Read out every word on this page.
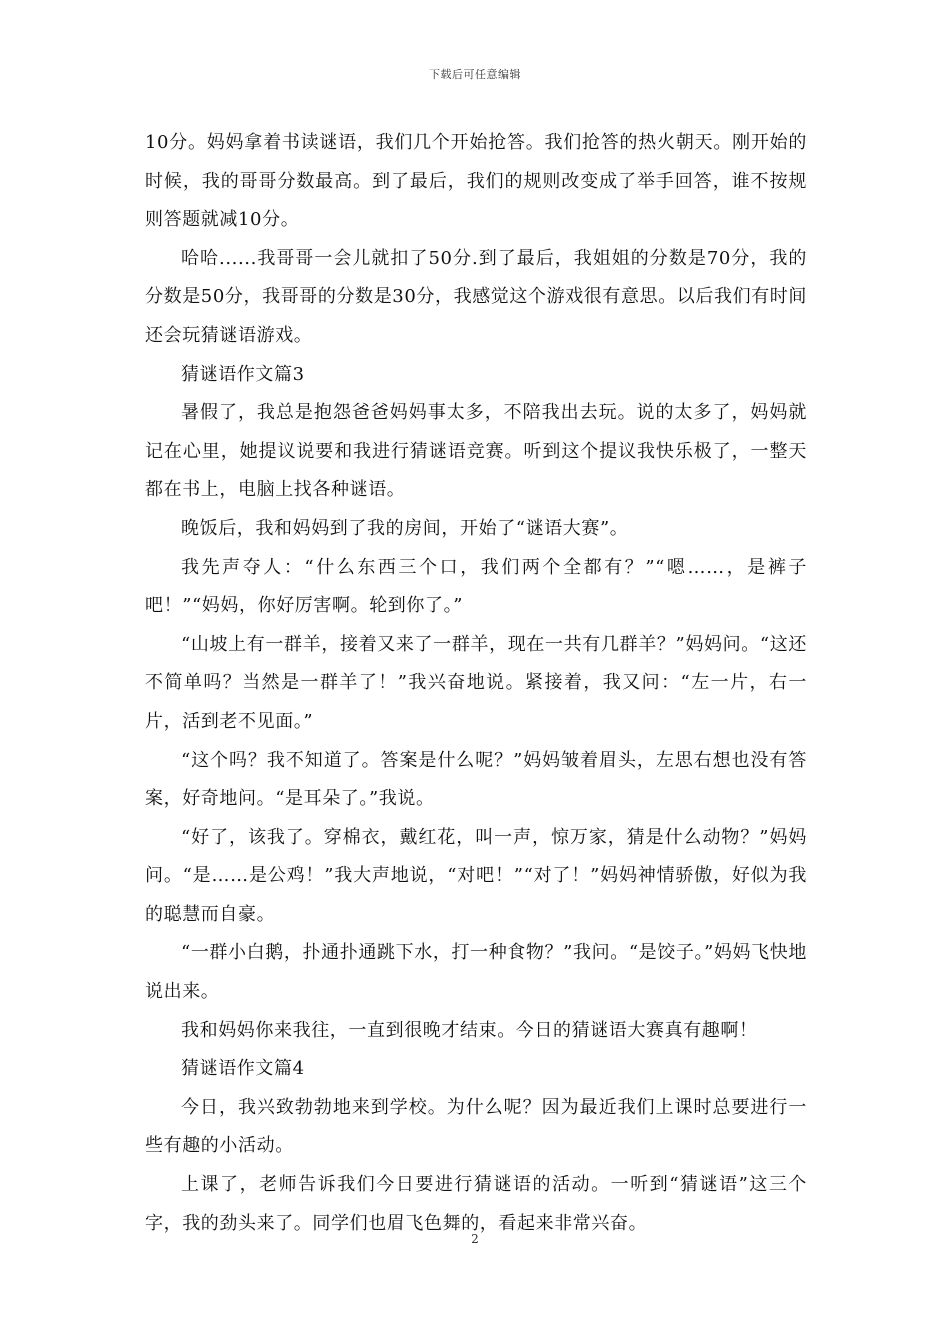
下载后可任意编辑

10分。妈妈拿着书读谜语，我们几个开始抢答。我们抢答的热火朝天。刚开始的时候，我的哥哥分数最高。到了最后，我们的规则改变成了举手回答，谁不按规则答题就减10分。

哈哈......我哥哥一会儿就扣了50分.到了最后，我姐姐的分数是70分，我的分数是50分，我哥哥的分数是30分，我感觉这个游戏很有意思。以后我们有时间还会玩猜谜语游戏。

猜谜语作文篇3

暑假了，我总是抱怨爸爸妈妈事太多，不陪我出去玩。说的太多了，妈妈就记在心里，她提议说要和我进行猜谜语竞赛。听到这个提议我快乐极了，一整天都在书上，电脑上找各种谜语。

晚饭后，我和妈妈到了我的房间，开始了“谜语大赛”。

我先声夺人：“什么东西三个口，我们两个全都有？”“嗯……，是裤子吧！”“妈妈，你好厉害啊。轮到你了。”

“山坡上有一群羊，接着又来了一群羊，现在一共有几群羊？”妈妈问。“这还不简单吗？当然是一群羊了！”我兴奋地说。紧接着，我又问：“左一片，右一片，活到老不见面。”

“这个吗？我不知道了。答案是什么呢？”妈妈皱着眉头，左思右想也没有答案，好奇地问。“是耳朵了。”我说。

“好了，该我了。穿棉衣，戴红花，叫一声，惊万家，猜是什么动物？”妈妈问。“是……是公鸡！”我大声地说，“对吧！”“对了！”妈妈神情骄傲，好似为我的聪慧而自豪。

“一群小白鹅，扑通扑通跳下水，打一种食物？”我问。“是饺子。”妈妈飞快地说出来。

我和妈妈你来我往，一直到很晚才结束。今日的猜谜语大赛真有趣啊！

猜谜语作文篇4

今日，我兴致勃勃地来到学校。为什么呢？因为最近我们上课时总要进行一些有趣的小活动。

上课了，老师告诉我们今日要进行猜谜语的活动。一听到“猜谜语”这三个字，我的劲头来了。同学们也眉飞色舞的，看起来非常兴奋。

2
